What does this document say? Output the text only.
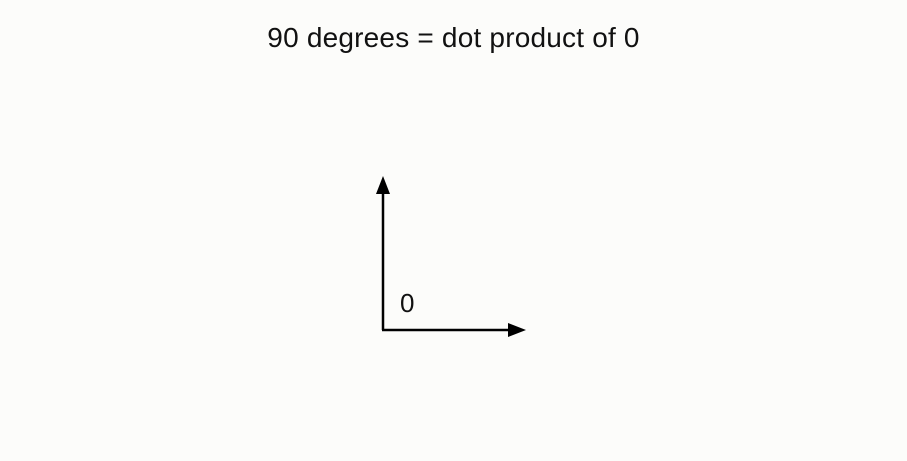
90 degrees = dot product of 0
0
